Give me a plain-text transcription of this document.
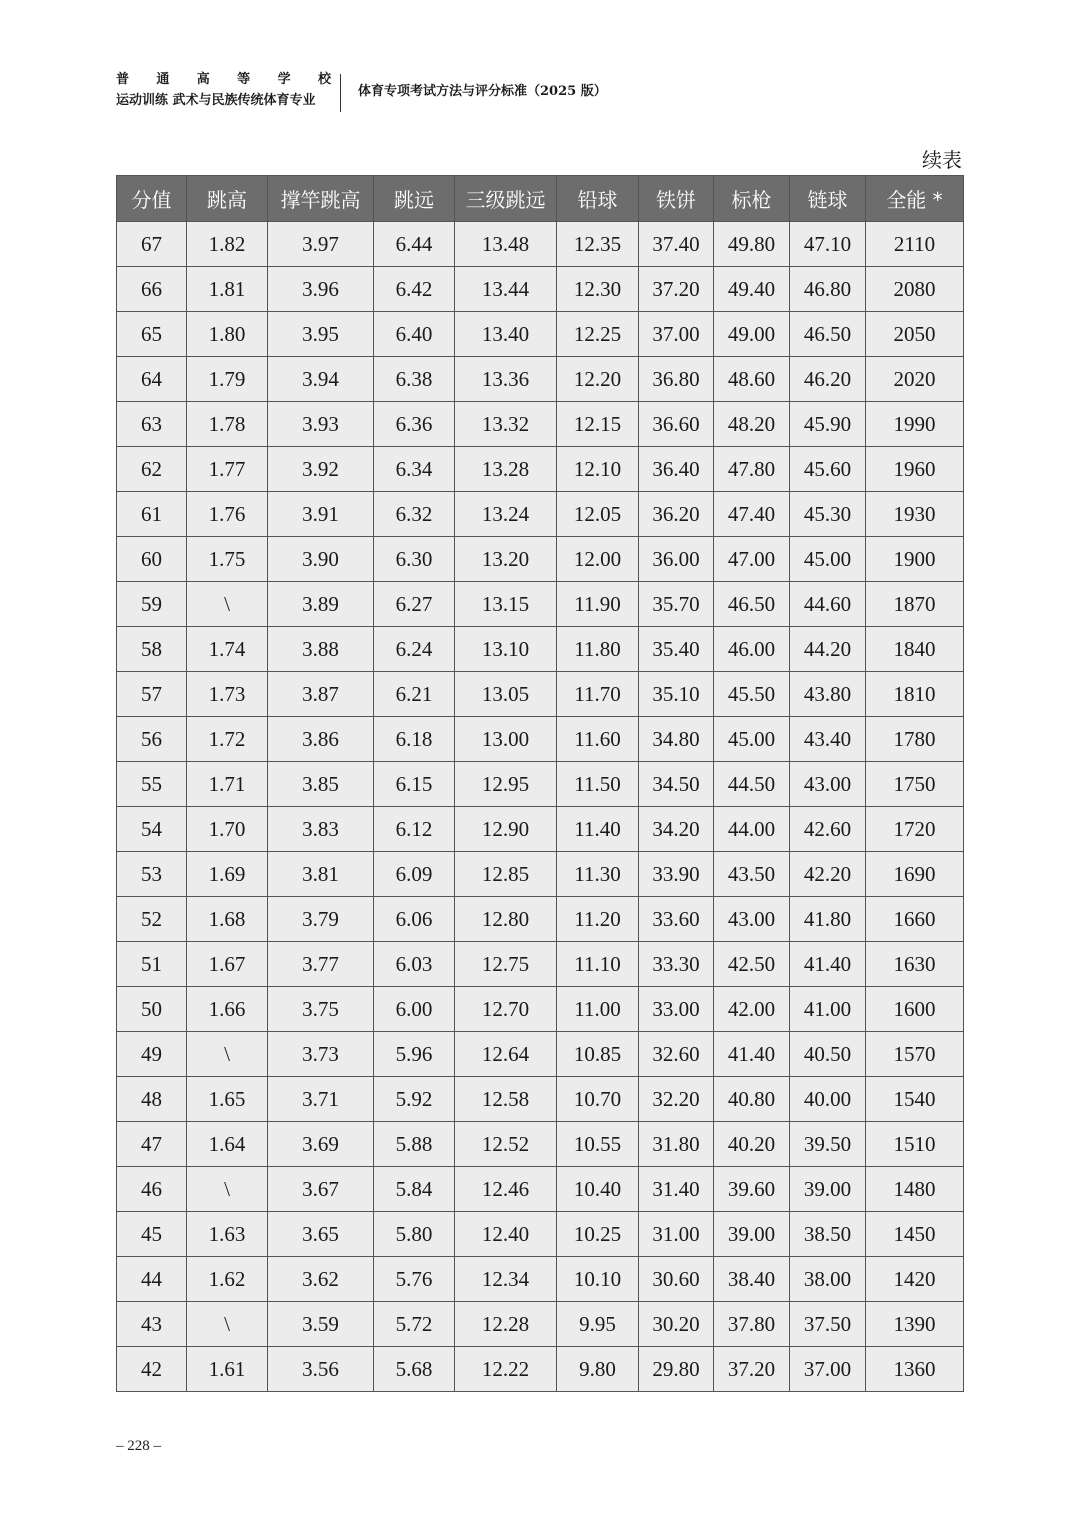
普 通 高 等 学 校
运动训练 武术与民族传统体育专业
体育专项考试方法与评分标准（2025 版）
续表
分值	跳高	撑竿跳高	跳远	三级跳远	铅球	铁饼	标枪	链球	全能 *
67	1.82	3.97	6.44	13.48	12.35	37.40	49.80	47.10	2110
66	1.81	3.96	6.42	13.44	12.30	37.20	49.40	46.80	2080
65	1.80	3.95	6.40	13.40	12.25	37.00	49.00	46.50	2050
64	1.79	3.94	6.38	13.36	12.20	36.80	48.60	46.20	2020
63	1.78	3.93	6.36	13.32	12.15	36.60	48.20	45.90	1990
62	1.77	3.92	6.34	13.28	12.10	36.40	47.80	45.60	1960
61	1.76	3.91	6.32	13.24	12.05	36.20	47.40	45.30	1930
60	1.75	3.90	6.30	13.20	12.00	36.00	47.00	45.00	1900
59	\	3.89	6.27	13.15	11.90	35.70	46.50	44.60	1870
58	1.74	3.88	6.24	13.10	11.80	35.40	46.00	44.20	1840
57	1.73	3.87	6.21	13.05	11.70	35.10	45.50	43.80	1810
56	1.72	3.86	6.18	13.00	11.60	34.80	45.00	43.40	1780
55	1.71	3.85	6.15	12.95	11.50	34.50	44.50	43.00	1750
54	1.70	3.83	6.12	12.90	11.40	34.20	44.00	42.60	1720
53	1.69	3.81	6.09	12.85	11.30	33.90	43.50	42.20	1690
52	1.68	3.79	6.06	12.80	11.20	33.60	43.00	41.80	1660
51	1.67	3.77	6.03	12.75	11.10	33.30	42.50	41.40	1630
50	1.66	3.75	6.00	12.70	11.00	33.00	42.00	41.00	1600
49	\	3.73	5.96	12.64	10.85	32.60	41.40	40.50	1570
48	1.65	3.71	5.92	12.58	10.70	32.20	40.80	40.00	1540
47	1.64	3.69	5.88	12.52	10.55	31.80	40.20	39.50	1510
46	\	3.67	5.84	12.46	10.40	31.40	39.60	39.00	1480
45	1.63	3.65	5.80	12.40	10.25	31.00	39.00	38.50	1450
44	1.62	3.62	5.76	12.34	10.10	30.60	38.40	38.00	1420
43	\	3.59	5.72	12.28	9.95	30.20	37.80	37.50	1390
42	1.61	3.56	5.68	12.22	9.80	29.80	37.20	37.00	1360
– 228 –
